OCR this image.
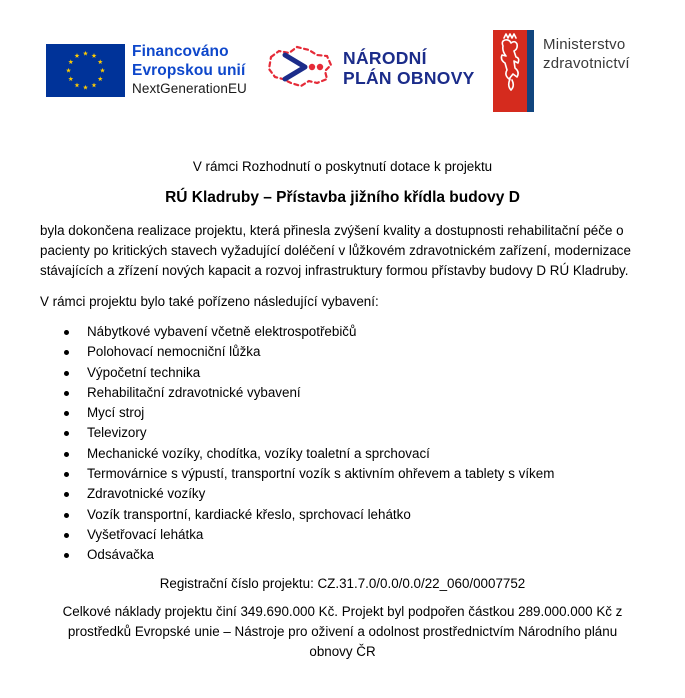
Financováno
Evropskou unií
NextGenerationEU
NÁRODNÍ
PLÁN OBNOVY
Ministerstvo
zdravotnictví

V rámci Rozhodnutí o poskytnutí dotace k projektu

RÚ Kladruby – Přístavba jižního křídla budovy D

byla dokončena realizace projektu, která přinesla zvýšení kvality a dostupnosti rehabilitační péče o pacienty po kritických stavech vyžadující doléčení v lůžkovém zdravotnickém zařízení, modernizace stávajících a zřízení nových kapacit a rozvoj infrastruktury formou přístavby budovy D RÚ Kladruby.

V rámci projektu bylo také pořízeno následující vybavení:

Nábytkové vybavení včetně elektrospotřebičů
Polohovací nemocniční lůžka
Výpočetní technika
Rehabilitační zdravotnické vybavení
Mycí stroj
Televizory
Mechanické vozíky, chodítka, vozíky toaletní a sprchovací
Termovárnice s výpustí, transportní vozík s aktivním ohřevem a tablety s víkem
Zdravotnické vozíky
Vozík transportní, kardiacké křeslo, sprchovací lehátko
Vyšetřovací lehátka
Odsávačka

Registrační číslo projektu: CZ.31.7.0/0.0/0.0/22_060/0007752

Celkové náklady projektu činí 349.690.000 Kč. Projekt byl podpořen částkou 289.000.000 Kč z prostředků Evropské unie – Nástroje pro oživení a odolnost prostřednictvím Národního plánu obnovy ČR
